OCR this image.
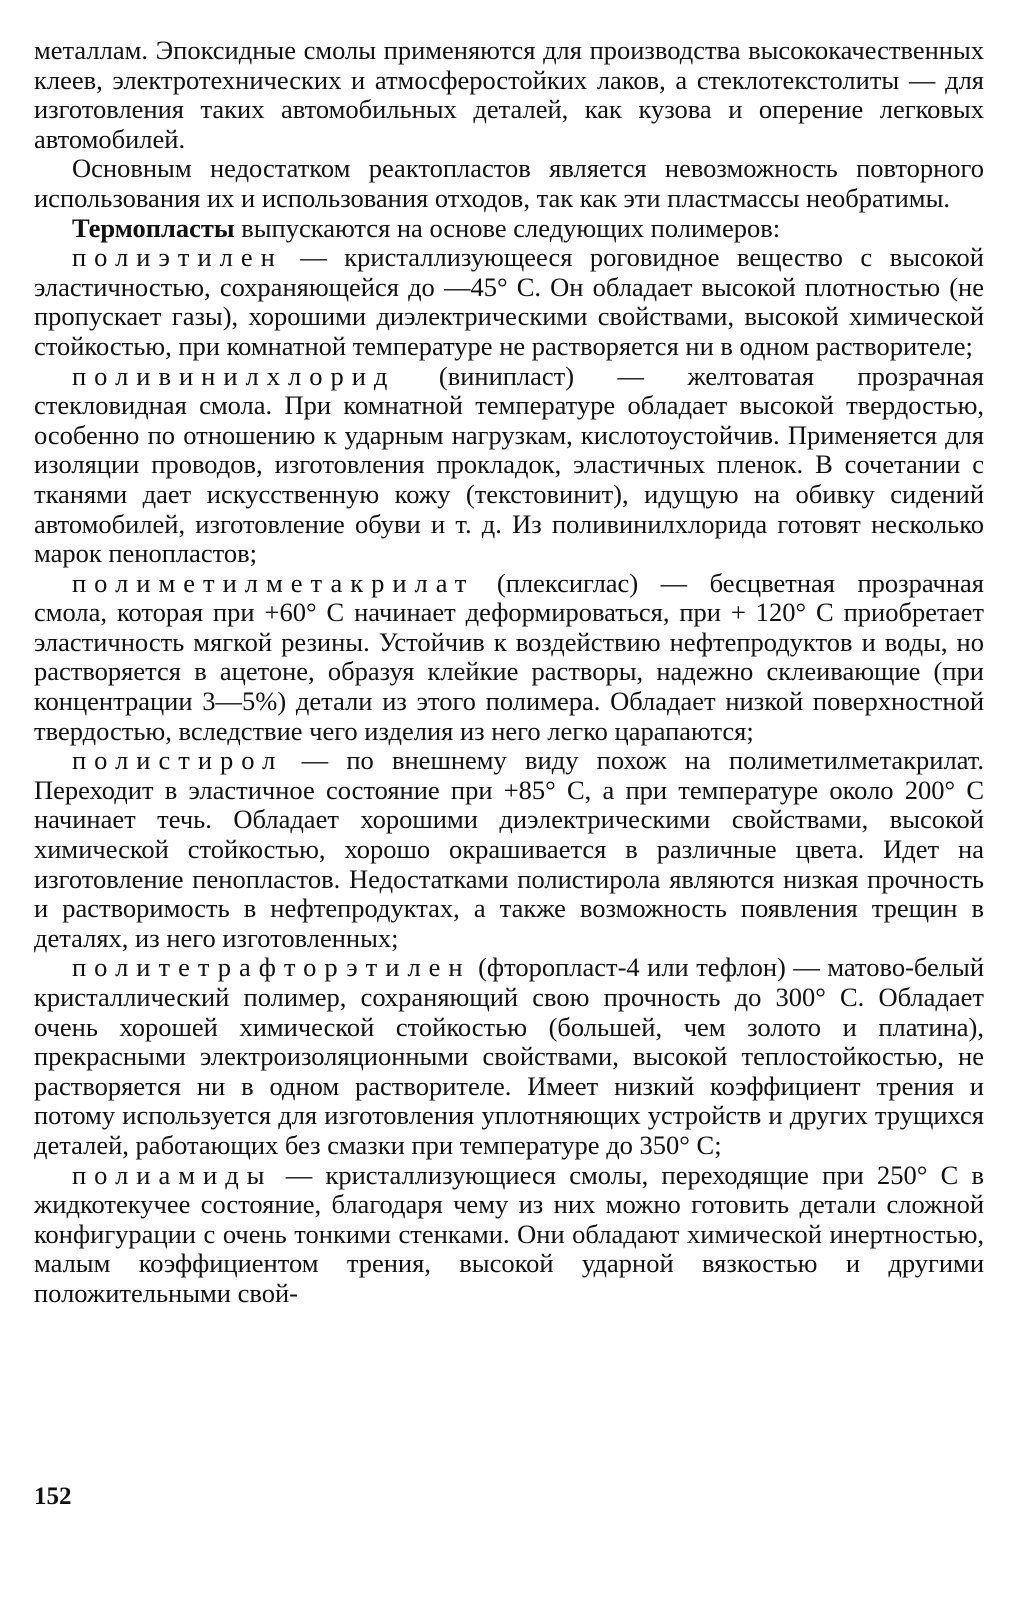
металлам. Эпоксидные смолы применяются для производства высококачественных клеев, электротехнических и атмосферостойких лаков, а стеклотекстолиты — для изготовления таких автомобильных деталей, как кузова и оперение легковых автомобилей.

Основным недостатком реактопластов является невозможность повторного использования их и использования отходов, так как эти пластмассы необратимы.

Термопласты выпускаются на основе следующих полимеров:

полиэтилен — кристаллизующееся роговидное вещество с высокой эластичностью, сохраняющейся до —45° С. Он обладает высокой плотностью (не пропускает газы), хорошими диэлектрическими свойствами, высокой химической стойкостью, при комнатной температуре не растворяется ни в одном растворителе;

поливинилхлорид (винипласт) — желтоватая прозрачная стекловидная смола. При комнатной температуре обладает высокой твердостью, особенно по отношению к ударным нагрузкам, кислотоустойчив. Применяется для изоляции проводов, изготовления прокладок, эластичных пленок. В сочетании с тканями дает искусственную кожу (текстовинит), идущую на обивку сидений автомобилей, изготовление обуви и т. д. Из поливинилхлорида готовят несколько марок пенопластов;

полиметилметакрилат (плексиглас) — бесцветная прозрачная смола, которая при +60° С начинает деформироваться, при + 120° С приобретает эластичность мягкой резины. Устойчив к воздействию нефтепродуктов и воды, но растворяется в ацетоне, образуя клейкие растворы, надежно склеивающие (при концентрации 3—5%) детали из этого полимера. Обладает низкой поверхностной твердостью, вследствие чего изделия из него легко царапаются;

полистирол — по внешнему виду похож на полиметилметакрилат. Переходит в эластичное состояние при +85° С, а при температуре около 200° С начинает течь. Обладает хорошими диэлектрическими свойствами, высокой химической стойкостью, хорошо окрашивается в различные цвета. Идет на изготовление пенопластов. Недостатками полистирола являются низкая прочность и растворимость в нефтепродуктах, а также возможность появления трещин в деталях, из него изготовленных;

политетрафторэтилен (фторопласт-4 или тефлон) — матово-белый кристаллический полимер, сохраняющий свою прочность до 300° С. Обладает очень хорошей химической стойкостью (большей, чем золото и платина), прекрасными электроизоляционными свойствами, высокой теплостойкостью, не растворяется ни в одном растворителе. Имеет низкий коэффициент трения и потому используется для изготовления уплотняющих устройств и других трущихся деталей, работающих без смазки при температуре до 350° С;

полиамиды — кристаллизующиеся смолы, переходящие при 250° С в жидкотекучее состояние, благодаря чему из них можно готовить детали сложной конфигурации с очень тонкими стенками. Они обладают химической инертностью, малым коэффициентом трения, высокой ударной вязкостью и другими положительными свой-

152
